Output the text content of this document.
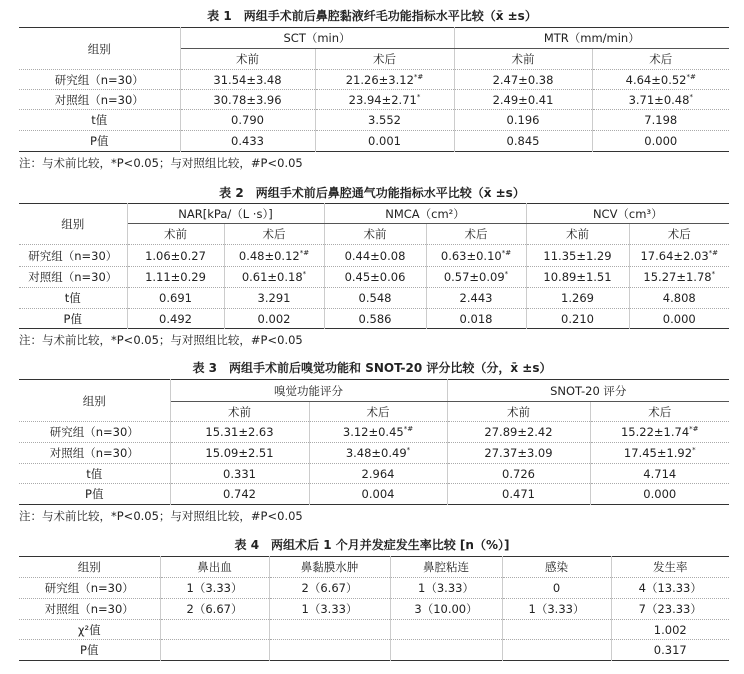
表 1　两组手术前后鼻腔黏液纤毛功能指标水平比较（x̄ ±s）
组别	SCT（min）		MTR（mm/min）	
	术前	术后	术前	术后
研究组（n=30）	31.54±3.48	21.26±3.12*#	2.47±0.38	4.64±0.52*#
对照组（n=30）	30.78±3.96	23.94±2.71*	2.49±0.41	3.71±0.48*
t值	0.790	3.552	0.196	7.198
P值	0.433	0.001	0.845	0.000
注：与术前比较，*P<0.05；与对照组比较，#P<0.05
表 2　两组手术前后鼻腔通气功能指标水平比较（x̄ ±s）
组别	NAR[kPa/（L ·s）]		NMCA（cm²）		NCV（cm³）	
	术前	术后	术前	术后	术前	术后
研究组（n=30）	1.06±0.27	0.48±0.12*#	0.44±0.08	0.63±0.10*#	11.35±1.29	17.64±2.03*#
对照组（n=30）	1.11±0.29	0.61±0.18*	0.45±0.06	0.57±0.09*	10.89±1.51	15.27±1.78*
t值	0.691	3.291	0.548	2.443	1.269	4.808
P值	0.492	0.002	0.586	0.018	0.210	0.000
注：与术前比较，*P<0.05；与对照组比较，#P<0.05
表 3　两组手术前后嗅觉功能和 SNOT-20 评分比较（分，x̄ ±s）
组别	嗅觉功能评分		SNOT-20 评分	
	术前	术后	术前	术后
研究组（n=30）	15.31±2.63	3.12±0.45*#	27.89±2.42	15.22±1.74*#
对照组（n=30）	15.09±2.51	3.48±0.49*	27.37±3.09	17.45±1.92*
t值	0.331	2.964	0.726	4.714
P值	0.742	0.004	0.471	0.000
注：与术前比较，*P<0.05；与对照组比较，#P<0.05
表 4　两组术后 1 个月并发症发生率比较 [n（%）]
组别	鼻出血	鼻黏膜水肿	鼻腔粘连	感染	发生率
研究组（n=30）	1（3.33）	2（6.67）	1（3.33）	0	4（13.33）
对照组（n=30）	2（6.67）	1（3.33）	3（10.00）	1（3.33）	7（23.33）
χ²值					1.002
P值					0.317
